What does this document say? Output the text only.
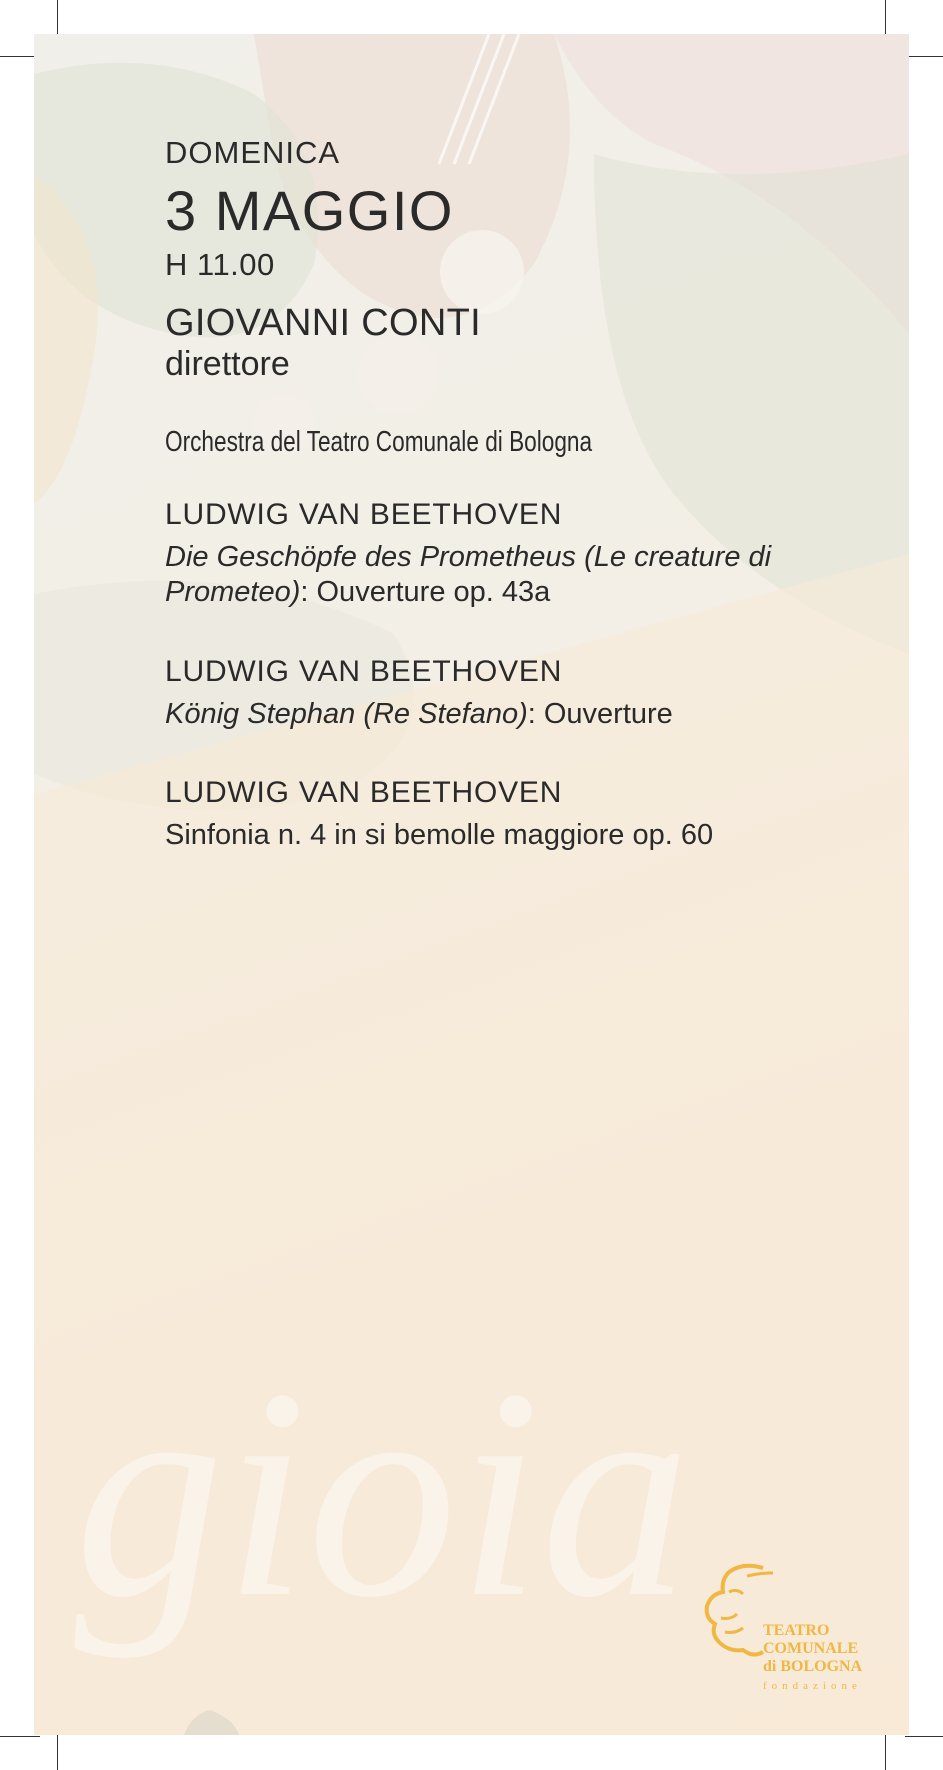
gioia

DOMENICA

3 MAGGIO

H 11.00

GIOVANNI CONTI

direttore

Orchestra del Teatro Comunale di Bologna

LUDWIG VAN BEETHOVEN

Die Geschöpfe des Prometheus (Le creature di Prometeo): Ouverture op. 43a

LUDWIG VAN BEETHOVEN

König Stephan (Re Stefano): Ouverture

LUDWIG VAN BEETHOVEN

Sinfonia n. 4 in si bemolle maggiore op. 60

TEATRO
COMUNALE
di BOLOGNA
fondazione
